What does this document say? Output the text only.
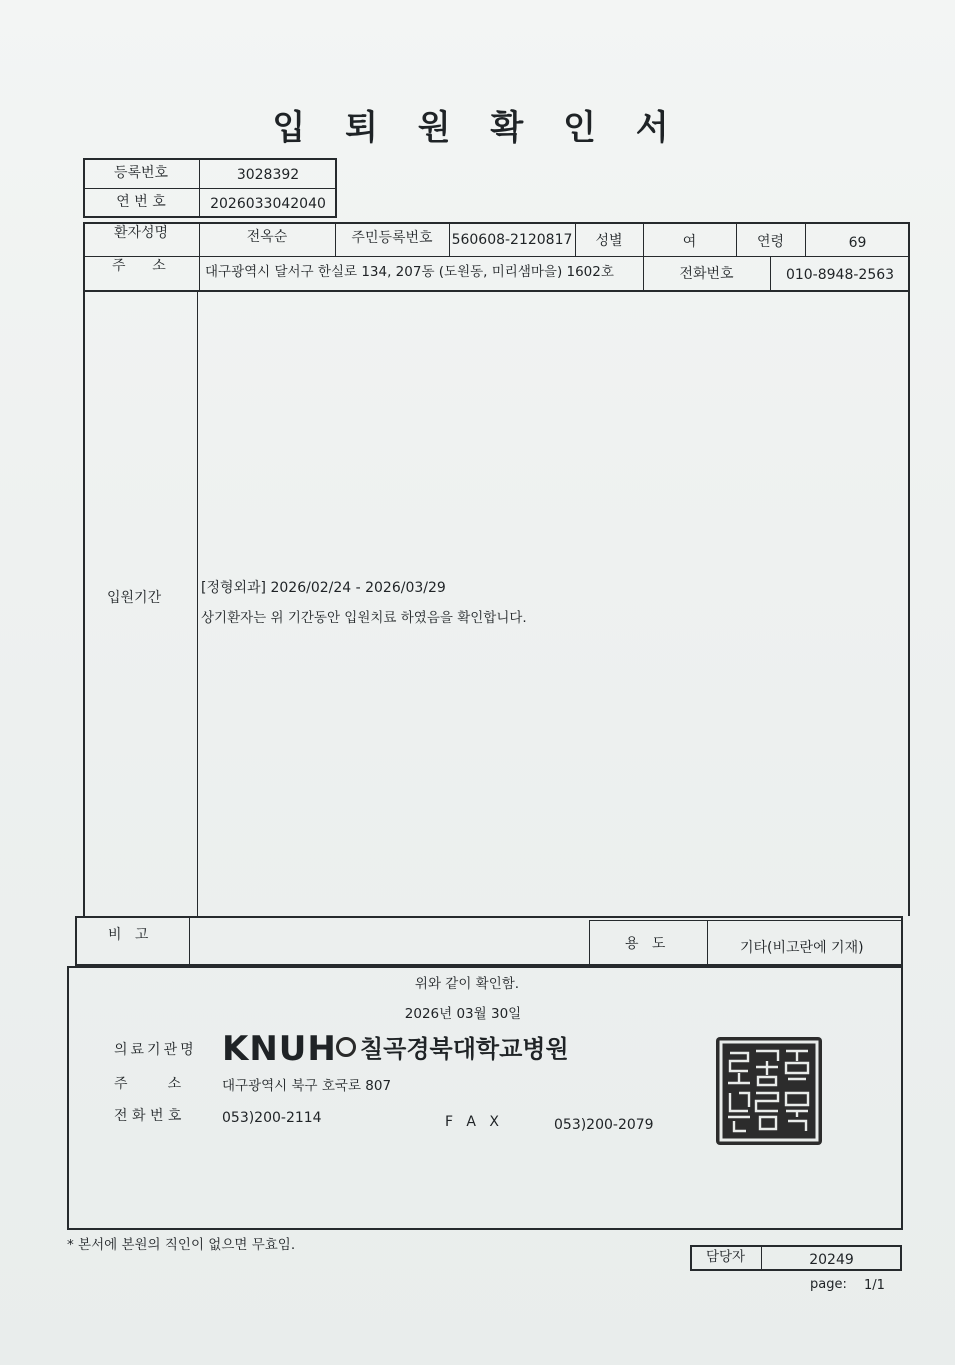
입 퇴 원 확 인 서
등록번호	3028392
연 번 호	2026033042040
환자성명	전옥순	주민등록번호	560608-2120817	성별	여	연령	69
주      소	대구광역시 달서구 한실로 134, 207동 (도원동, 미리샘마을) 1602호	전화번호	010-8948-2563
입원기간
[정형외과] 2026/02/24 - 2026/03/29
상기환자는 위 기간동안 입원치료 하였음을 확인합니다.
비   고
용   도	기타(비고란에 기재)
위와 같이 확인함.
2026년 03월 30일
의료기관명 KNUH 칠곡경북대학교병원
주         소	대구광역시 북구 호국로 807
전 화 번 호	053)200-2114	F   A   X	053)200-2079
* 본서에 본원의 직인이 없으면 무효임.
담당자	20249
page: 1/1
